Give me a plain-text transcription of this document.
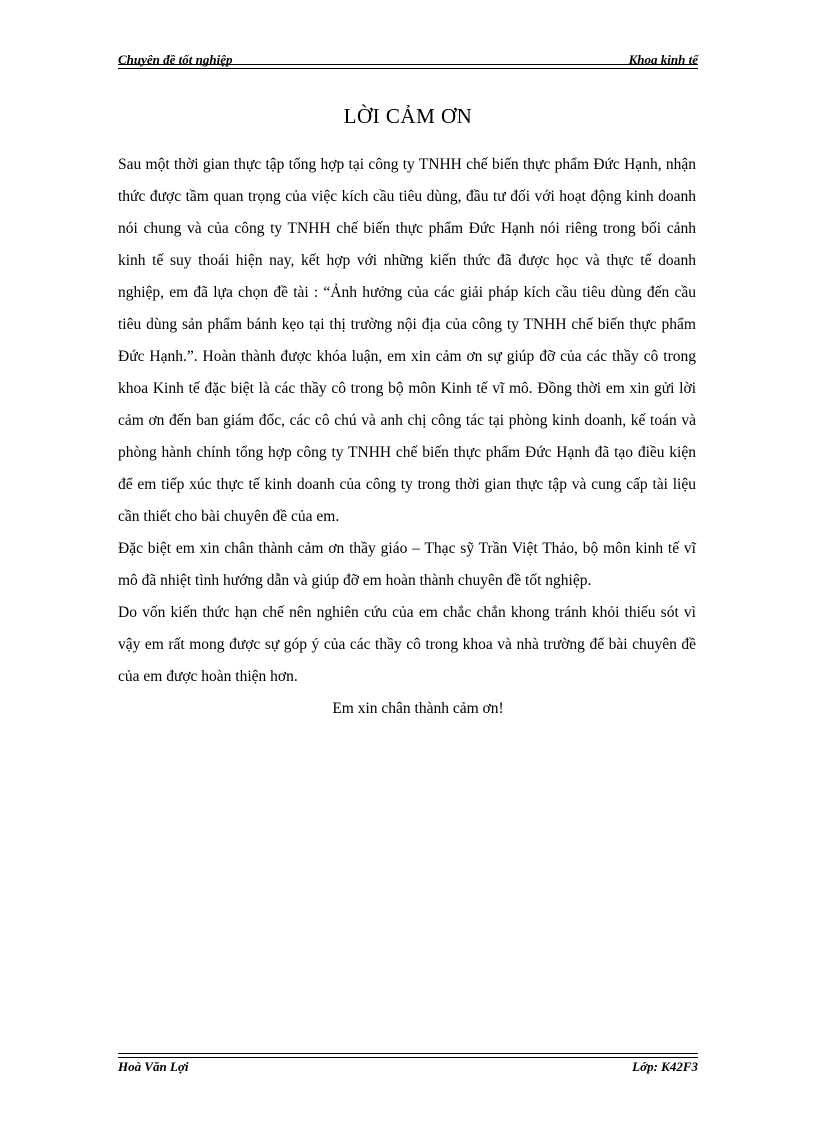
Chuyên đề tốt nghiệp	Khoa kinh tế
LỜI CẢM ƠN

Sau một thời gian thực tập tổng hợp tại công ty TNHH chế biến thực phẩm Đức Hạnh, nhận thức được tầm quan trọng của việc kích cầu tiêu dùng, đầu tư đối với hoạt động kinh doanh nói chung và của công ty TNHH chế biến thực phẩm Đức Hạnh nói riêng trong bối cảnh kinh tế suy thoái hiện nay, kết hợp với những kiến thức đã được học và thực tế doanh nghiệp, em đã lựa chọn đề tài : “Ảnh hưởng của các giải pháp kích cầu tiêu dùng đến cầu tiêu dùng sản phẩm bánh kẹo tại thị trường nội địa của công ty TNHH chế biến thực phẩm Đức Hạnh.”. Hoàn thành được khóa luận, em xin cảm ơn sự giúp đỡ của các thầy cô trong khoa Kinh tế đặc biệt là các thầy cô trong bộ môn Kinh tế vĩ mô. Đồng thời em xin gửi lời cảm ơn đến ban giám đốc, các cô chú và anh chị công tác tại phòng kinh doanh, kế toán và phòng hành chính tổng hợp công ty TNHH chế biến thực phẩm Đức Hạnh đã tạo điều kiện để em tiếp xúc thực tế kinh doanh của công ty trong thời gian thực tập và cung cấp tài liệu cần thiết cho bài chuyên đề của em.

Đặc biệt em xin chân thành cảm ơn thầy giáo – Thạc sỹ Trần Việt Thảo, bộ môn kinh tế vĩ mô đã nhiệt tình hướng dẫn và giúp đỡ em hoàn thành chuyên đề tốt nghiệp.

Do vốn kiến thức hạn chế nên nghiên cứu của em chắc chắn khong tránh khỏi thiếu sót vì vậy em rất mong được sự góp ý của các thầy cô trong khoa và nhà trường để bài chuyên đề của em được hoàn thiện hơn.

Em xin chân thành cảm ơn!

Hoà Văn Lợi	Lớp: K42F3
